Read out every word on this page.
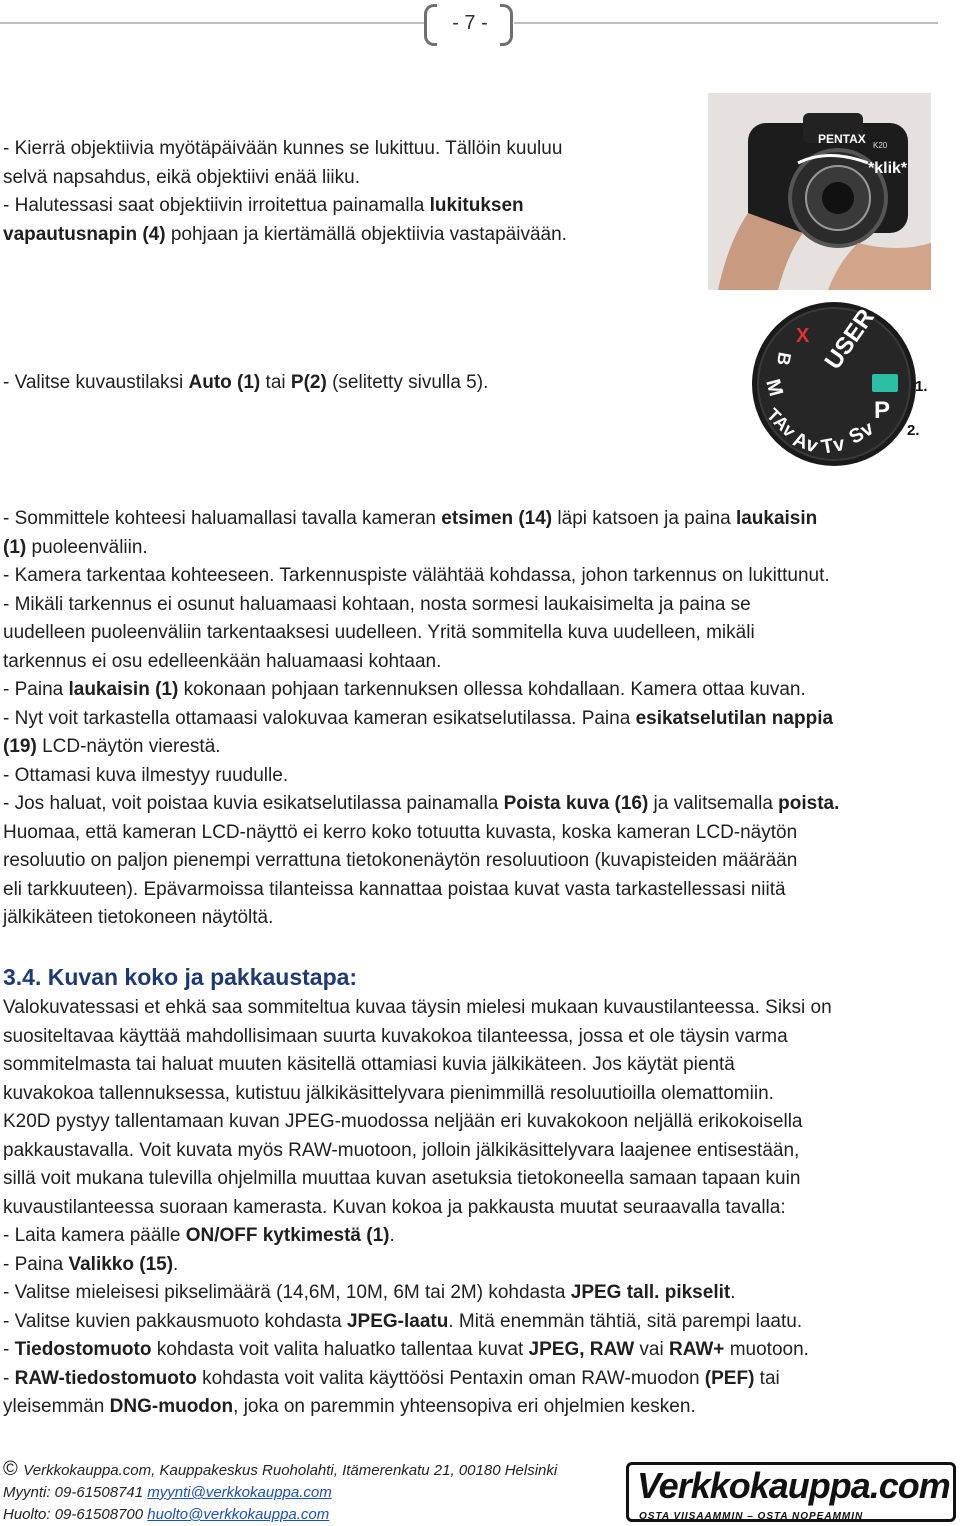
- 7 -

- Kierrä objektiivia myötäpäivään kunnes se lukittuu. Tällöin kuuluu

selvä napsahdus, eikä objektiivi enää liiku.

- Halutessasi saat objektiivin irroitettua painamalla lukituksen

vapautusnapin (4) pohjaan ja kiertämällä objektiivia vastapäivään.

PENTAX K20
*klik*

- Valitse kuvaustilaksi Auto (1) tai P(2) (selitetty sivulla 5).

USER
P
Sv
Tv
Av
TAv
M
B
X
1.
2.

- Sommittele kohteesi haluamallasi tavalla kameran etsimen (14) läpi katsoen ja paina laukaisin

(1) puoleenväliin.

- Kamera tarkentaa kohteeseen. Tarkennuspiste välähtää kohdassa, johon tarkennus on lukittunut.

- Mikäli tarkennus ei osunut haluamaasi kohtaan, nosta sormesi laukaisimelta ja paina se

uudelleen puoleenväliin tarkentaaksesi uudelleen. Yritä sommitella kuva uudelleen, mikäli

tarkennus ei osu edelleenkään haluamaasi kohtaan.

- Paina laukaisin (1) kokonaan pohjaan tarkennuksen ollessa kohdallaan. Kamera ottaa kuvan.

- Nyt voit tarkastella ottamaasi valokuvaa kameran esikatselutilassa. Paina esikatselutilan nappia

(19) LCD-näytön vierestä.

- Ottamasi kuva ilmestyy ruudulle.

- Jos haluat, voit poistaa kuvia esikatselutilassa painamalla Poista kuva (16) ja valitsemalla poista.

Huomaa, että kameran LCD-näyttö ei kerro koko totuutta kuvasta, koska kameran LCD-näytön

resoluutio on paljon pienempi verrattuna tietokonenäytön resoluutioon (kuvapisteiden määrään

eli tarkkuuteen). Epävarmoissa tilanteissa kannattaa poistaa kuvat vasta tarkastellessasi niitä

jälkikäteen tietokoneen näytöltä.

3.4. Kuvan koko ja pakkaustapa:

Valokuvatessasi et ehkä saa sommiteltua kuvaa täysin mielesi mukaan kuvaustilanteessa. Siksi on

suositeltavaa käyttää mahdollisimaan suurta kuvakokoa tilanteessa, jossa et ole täysin varma

sommitelmasta tai haluat muuten käsitellä ottamiasi kuvia jälkikäteen. Jos käytät pientä

kuvakokoa tallennuksessa, kutistuu jälkikäsittelyvara pienimmillä resoluutioilla olemattomiin.

K20D pystyy tallentamaan kuvan JPEG-muodossa neljään eri kuvakokoon neljällä erikokoisella

pakkaustavalla. Voit kuvata myös RAW-muotoon, jolloin jälkikäsittelyvara laajenee entisestään,

sillä voit mukana tulevilla ohjelmilla muuttaa kuvan asetuksia tietokoneella samaan tapaan kuin

kuvaustilanteessa suoraan kamerasta. Kuvan kokoa ja pakkausta muutat seuraavalla tavalla:

- Laita kamera päälle ON/OFF kytkimestä (1).

- Paina Valikko (15).

- Valitse mieleisesi pikselimäärä (14,6M, 10M, 6M tai 2M) kohdasta JPEG tall. pikselit.

- Valitse kuvien pakkausmuoto kohdasta JPEG-laatu. Mitä enemmän tähtiä, sitä parempi laatu.

- Tiedostomuoto kohdasta voit valita haluatko tallentaa kuvat JPEG, RAW vai RAW+ muotoon.

- RAW-tiedostomuoto kohdasta voit valita käyttöösi Pentaxin oman RAW-muodon (PEF) tai

yleisemmän DNG-muodon, joka on paremmin yhteensopiva eri ohjelmien kesken.

© Verkkokauppa.com, Kauppakeskus Ruoholahti, Itämerenkatu 21, 00180 Helsinki
Myynti: 09-61508741 myynti@verkkokauppa.com
Huolto: 09-61508700 huolto@verkkokauppa.com
Verkkokauppa.com
OSTA VIISAAMMIN – OSTA NOPEAMMIN
